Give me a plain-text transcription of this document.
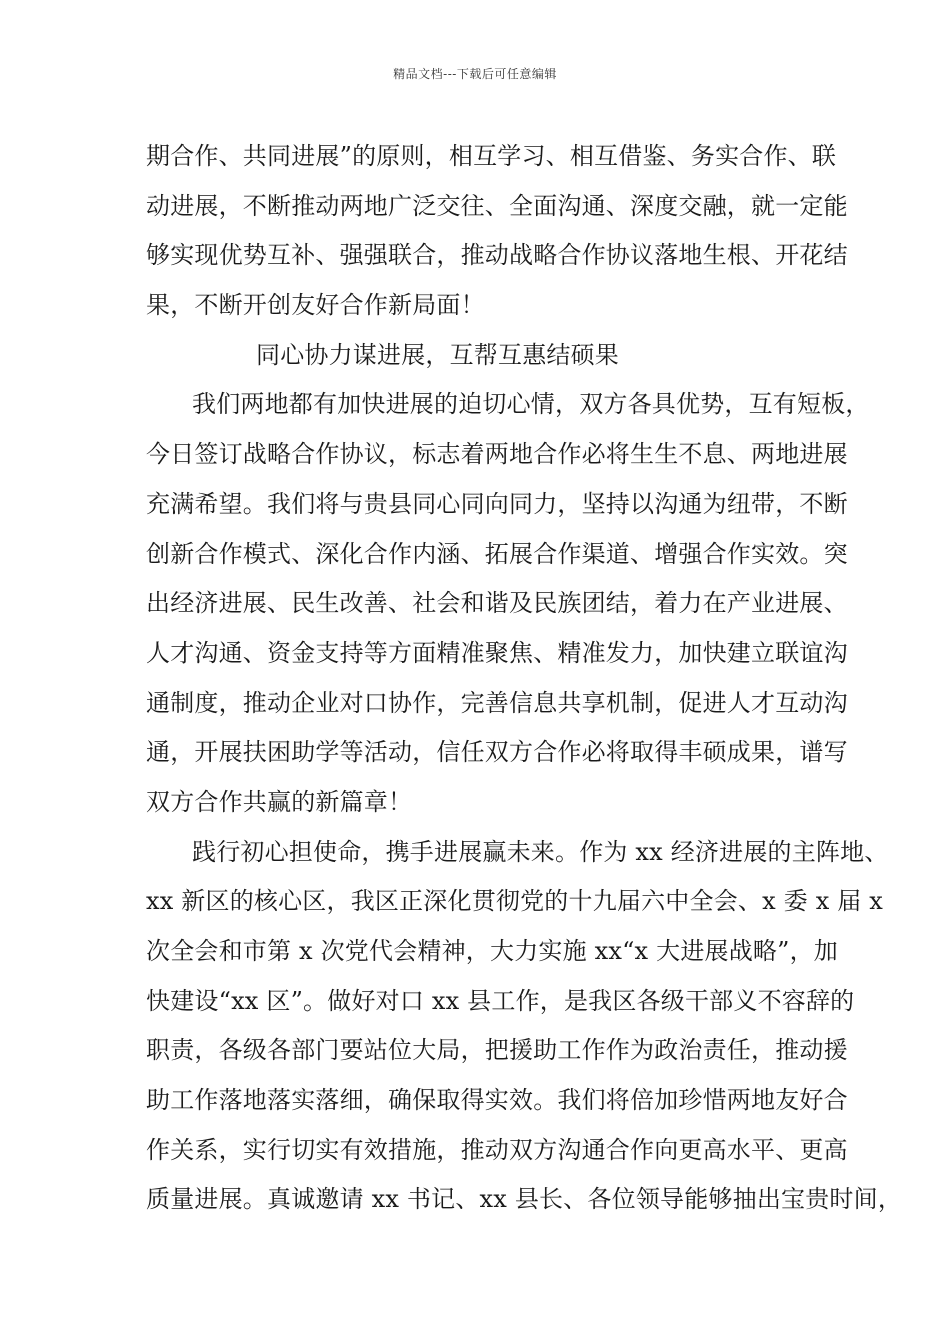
精品文档---下载后可任意编辑
期合作、共同进展”的原则，相互学习、相互借鉴、务实合作、联
动进展，不断推动两地广泛交往、全面沟通、深度交融，就一定能
够实现优势互补、强强联合，推动战略合作协议落地生根、开花结
果，不断开创友好合作新局面！
同心协力谋进展，互帮互惠结硕果
我们两地都有加快进展的迫切心情，双方各具优势，互有短板，
今日签订战略合作协议，标志着两地合作必将生生不息、两地进展
充满希望。我们将与贵县同心同向同力，坚持以沟通为纽带，不断
创新合作模式、深化合作内涵、拓展合作渠道、增强合作实效。突
出经济进展、民生改善、社会和谐及民族团结，着力在产业进展、
人才沟通、资金支持等方面精准聚焦、精准发力，加快建立联谊沟
通制度，推动企业对口协作，完善信息共享机制，促进人才互动沟
通，开展扶困助学等活动，信任双方合作必将取得丰硕成果，谱写
双方合作共赢的新篇章！
践行初心担使命，携手进展赢未来。作为 xx 经济进展的主阵地、
xx 新区的核心区，我区正深化贯彻党的十九届六中全会、x 委 x 届 x
次全会和市第 x 次党代会精神，大力实施 xx“x 大进展战略”，加
快建设“xx 区”。做好对口 xx 县工作，是我区各级干部义不容辞的
职责，各级各部门要站位大局，把援助工作作为政治责任，推动援
助工作落地落实落细，确保取得实效。我们将倍加珍惜两地友好合
作关系，实行切实有效措施，推动双方沟通合作向更高水平、更高
质量进展。真诚邀请 xx 书记、xx 县长、各位领导能够抽出宝贵时间，
